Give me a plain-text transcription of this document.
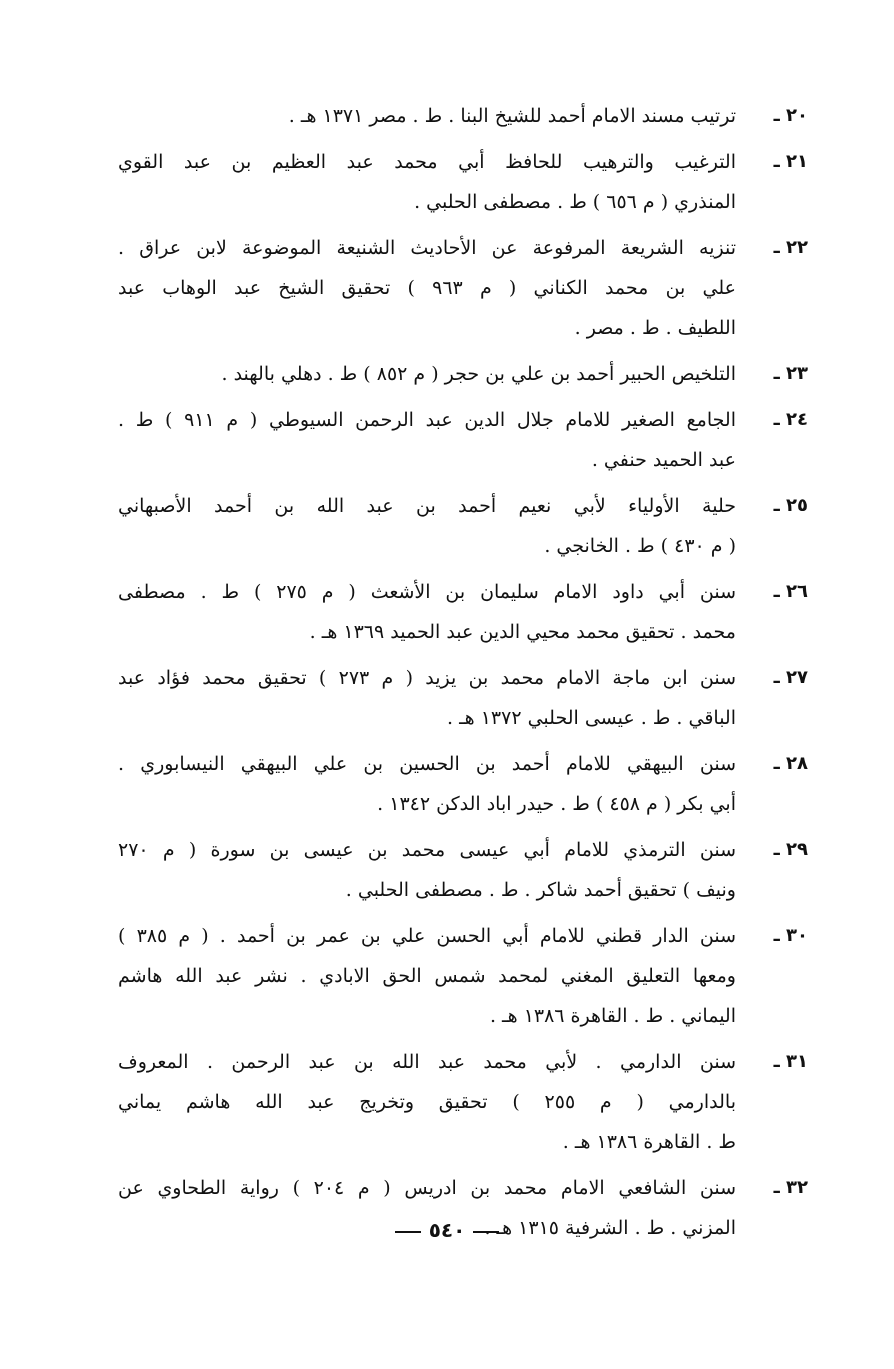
٢٠ ـ
ترتيب مسند الامام أحمد للشيخ البنا . ط . مصر ١٣٧١ هـ .
٢١ ـ
الترغيب والترهيب للحافظ أبي محمد عبد العظيم بن عبد القوي
المنذري ( م ٦٥٦ ) ط . مصطفى الحلبي .
٢٢ ـ
تنزيه الشريعة المرفوعة عن الأحاديث الشنيعة الموضوعة لابن عراق .
علي بن محمد الكناني ( م ٩٦٣ ) تحقيق الشيخ عبد الوهاب عبد
اللطيف . ط . مصر .
٢٣ ـ
التلخيص الحبير أحمد بن علي بن حجر ( م ٨٥٢ ) ط . دهلي بالهند .
٢٤ ـ
الجامع الصغير للامام جلال الدين عبد الرحمن السيوطي ( م ٩١١ ) ط .
عبد الحميد حنفي .
٢٥ ـ
حلية الأولياء لأبي نعيم أحمد بن عبد الله بن أحمد الأصبهاني
( م ٤٣٠ ) ط . الخانجي .
٢٦ ـ
سنن أبي داود الامام سليمان بن الأشعث ( م ٢٧٥ ) ط . مصطفى
محمد . تحقيق محمد محيي الدين عبد الحميد ١٣٦٩ هـ .
٢٧ ـ
سنن ابن ماجة الامام محمد بن يزيد ( م ٢٧٣ ) تحقيق محمد فؤاد عبد
الباقي . ط . عيسى الحلبي ١٣٧٢ هـ .
٢٨ ـ
سنن البيهقي للامام أحمد بن الحسين بن علي البيهقي النيسابوري .
أبي بكر ( م ٤٥٨ ) ط . حيدر اباد الدكن ١٣٤٢ .
٢٩ ـ
سنن الترمذي للامام أبي عيسى محمد بن عيسى بن سورة ( م ٢٧٠
ونيف ) تحقيق أحمد شاكر . ط . مصطفى الحلبي .
٣٠ ـ
سنن الدار قطني للامام أبي الحسن علي بن عمر بن أحمد . ( م ٣٨٥ )
ومعها التعليق المغني لمحمد شمس الحق الابادي . نشر عبد الله هاشم
اليماني . ط . القاهرة ١٣٨٦ هـ .
٣١ ـ
سنن الدارمي . لأبي محمد عبد الله بن عبد الرحمن . المعروف
بالدارمي ( م ٢٥٥ ) تحقيق وتخريج عبد الله هاشم يماني
ط . القاهرة ١٣٨٦ هـ .
٣٢ ـ
سنن الشافعي الامام محمد بن ادريس ( م ٢٠٤ ) رواية الطحاوي عن
المزني . ط . الشرفية ١٣١٥ هـ .
٥٤٠
